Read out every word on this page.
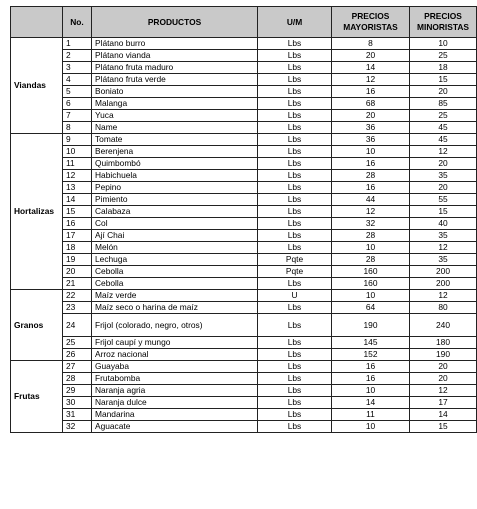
	No.	PRODUCTOS	U/M	PRECIOS MAYORISTAS	PRECIOS MINORISTAS
Viandas	1	Plátano burro	Lbs	8	10
	2	Plátano vianda	Lbs	20	25
	3	Plátano fruta maduro	Lbs	14	18
	4	Plátano fruta verde	Lbs	12	15
	5	Boniato	Lbs	16	20
	6	Malanga	Lbs	68	85
	7	Yuca	Lbs	20	25
	8	Name	Lbs	36	45
Hortalizas	9	Tomate	Lbs	36	45
	10	Berenjena	Lbs	10	12
	11	Quimbombó	Lbs	16	20
	12	Habichuela	Lbs	28	35
	13	Pepino	Lbs	16	20
	14	Pimiento	Lbs	44	55
	15	Calabaza	Lbs	12	15
	16	Col	Lbs	32	40
	17	Ají Chai	Lbs	28	35
	18	Melón	Lbs	10	12
	19	Lechuga	Pqte	28	35
	20	Cebolla	Pqte	160	200
	21	Cebolla	Lbs	160	200
Granos	22	Maíz verde	U	10	12
	23	Maíz seco o harina de maíz	Lbs	64	80
	24	Frijol (colorado, negro, otros)	Lbs	190	240
	25	Frijol caupí y mungo	Lbs	145	180
	26	Arroz nacional	Lbs	152	190
Frutas	27	Guayaba	Lbs	16	20
	28	Frutabomba	Lbs	16	20
	29	Naranja agria	Lbs	10	12
	30	Naranja dulce	Lbs	14	17
	31	Mandarina	Lbs	11	14
	32	Aguacate	Lbs	10	15
